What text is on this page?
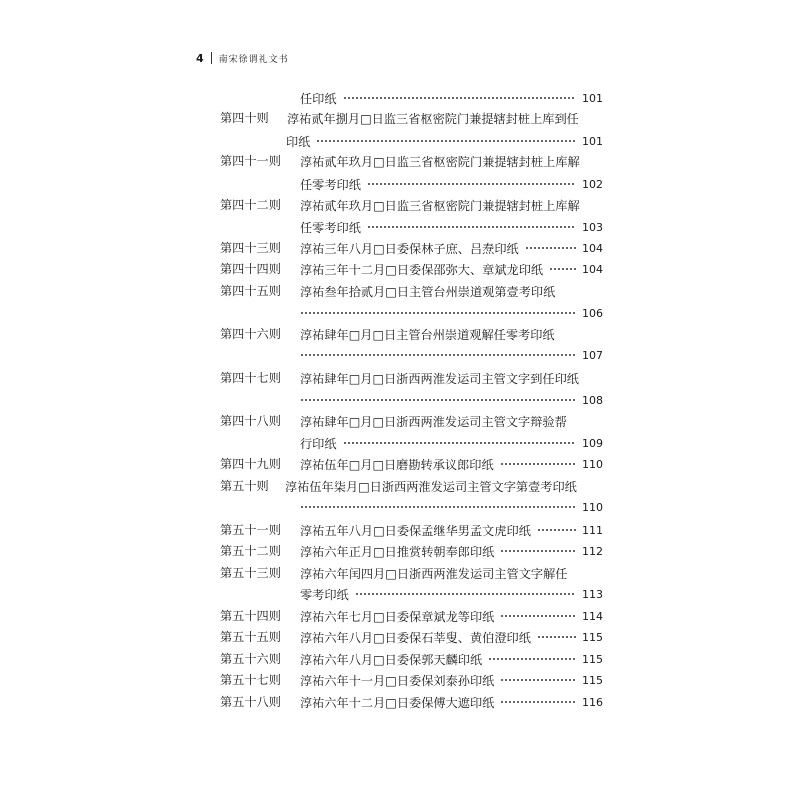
4 南宋徐谓礼文书
任印纸	101
第四十则 淳祐贰年捌月□日监三省枢密院门兼提辖封桩上库到任
印纸	101
第四十一则 淳祐贰年玖月□日监三省枢密院门兼提辖封桩上库解
任零考印纸	102
第四十二则 淳祐贰年玖月□日监三省枢密院门兼提辖封桩上库解
任零考印纸	103
第四十三则 淳祐三年八月□日委保林子庶、吕焘印纸	104
第四十四则 淳祐三年十二月□日委保邵弥大、章斌龙印纸	104
第四十五则 淳祐叁年拾贰月□日主管台州崇道观第壹考印纸
106
第四十六则 淳祐肆年□月□日主管台州崇道观解任零考印纸
107
第四十七则 淳祐肆年□月□日浙西两淮发运司主管文字到任印纸
108
第四十八则 淳祐肆年□月□日浙西两淮发运司主管文字辩验帮
行印纸	109
第四十九则 淳祐伍年□月□日磨勘转承议郎印纸	110
第五十则 淳祐伍年柒月□日浙西两淮发运司主管文字第壹考印纸
110
第五十一则 淳祐五年八月□日委保孟继华男孟文虎印纸	111
第五十二则 淳祐六年正月□日推赏转朝奉郎印纸	112
第五十三则 淳祐六年闰四月□日浙西两淮发运司主管文字解任
零考印纸	113
第五十四则 淳祐六年七月□日委保章斌龙等印纸	114
第五十五则 淳祐六年八月□日委保石莘叟、黄伯澄印纸	115
第五十六则 淳祐六年八月□日委保郭天麟印纸	115
第五十七则 淳祐六年十一月□日委保刘泰孙印纸	115
第五十八则 淳祐六年十二月□日委保傅大遮印纸	116
